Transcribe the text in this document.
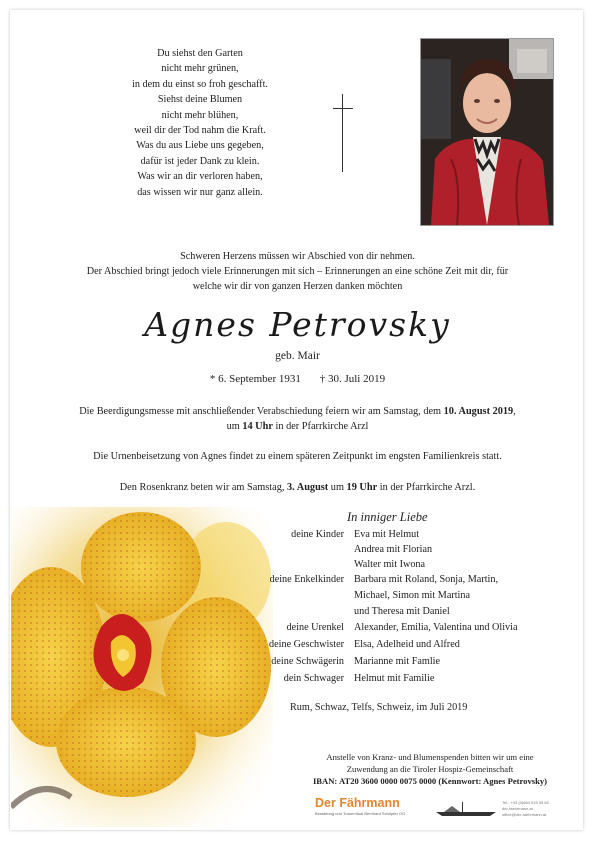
Du siehst den Garten
nicht mehr grünen,
in dem du einst so froh geschafft.
Siehst deine Blumen
nicht mehr blühen,
weil dir der Tod nahm die Kraft.
Was du aus Liebe uns gegeben,
dafür ist jeder Dank zu klein.
Was wir an dir verloren haben,
das wissen wir nur ganz allein.
Schweren Herzens müssen wir Abschied von dir nehmen.
Der Abschied bringt jedoch viele Erinnerungen mit sich – Erinnerungen an eine schöne Zeit mit dir, für
welche wir dir von ganzen Herzen danken möchten
Agnes Petrovsky
geb. Mair
* 6. September 1931 † 30. Juli 2019
Die Beerdigungsmesse mit anschließender Verabschiedung feiern wir am Samstag, dem 10. August 2019,
um 14 Uhr in der Pfarrkirche Arzl
Die Urnenbeisetzung von Agnes findet zu einem späteren Zeitpunkt im engsten Familienkreis statt.
Den Rosenkranz beten wir am Samstag, 3. August um 19 Uhr in der Pfarrkirche Arzl.
In inniger Liebe
deine Kinder Eva mit Helmut
Andrea mit Florian
Walter mit Iwona
deine Enkelkinder Barbara mit Roland, Sonja, Martin,
Michael, Simon mit Martina
und Theresa mit Daniel
deine Urenkel Alexander, Emilia, Valentina und Olivia
deine Geschwister Elsa, Adelheid und Alfred
deine Schwägerin Marianne mit Famlie
dein Schwager Helmut mit Familie
Rum, Schwaz, Telfs, Schweiz, im Juli 2019
Anstelle von Kranz- und Blumenspenden bitten wir um eine
Zuwendung an die Tiroler Hospiz-Gemeinschaft
IBAN: AT20 3600 0000 0075 0000 (Kennwort: Agnes Petrovsky)
Der Fährmann
Bestattung und Trauerritual Bernhard Schöpfer OG
Tel.: +43 (0)664 915 99 60
der-faehrmann.at
office@der-faehrmann.at
